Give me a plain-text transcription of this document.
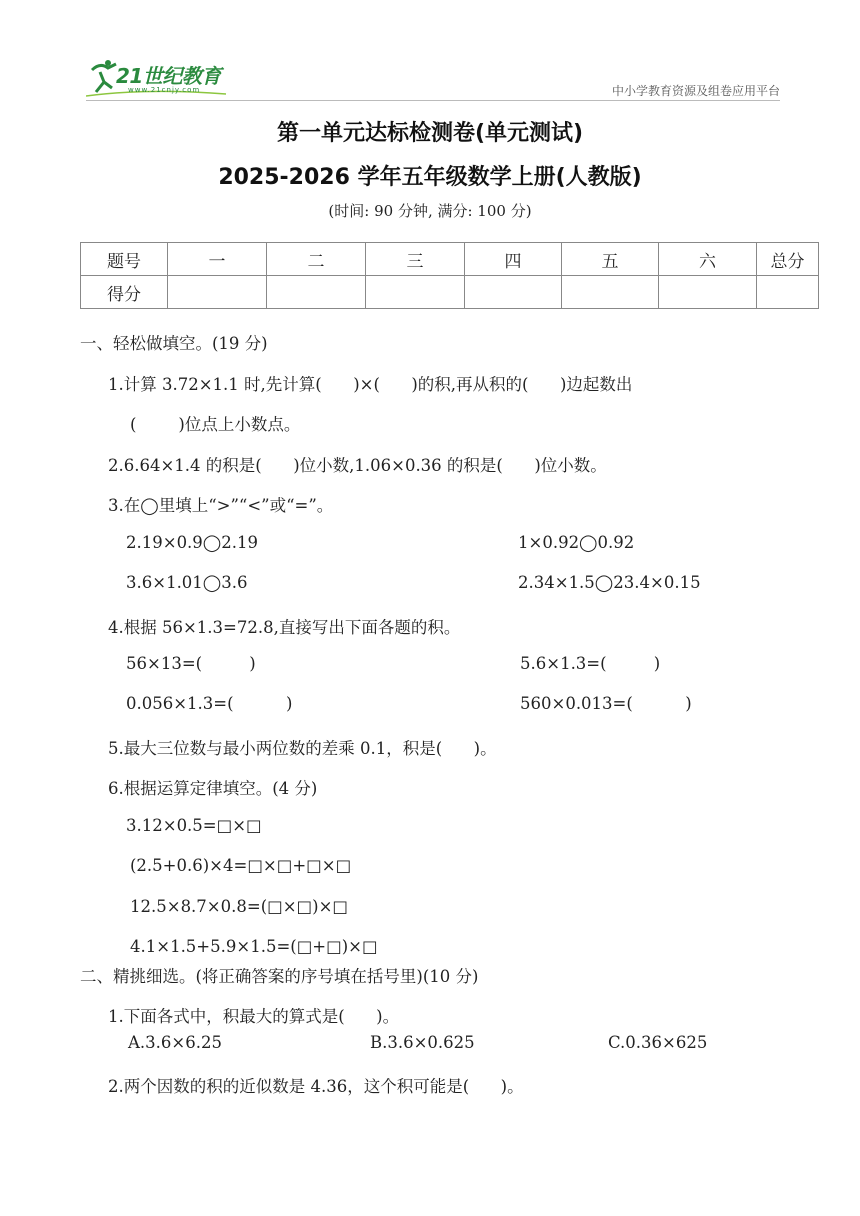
21世纪教育
www.21cnjy.com	中小学教育资源及组卷应用平台
第一单元达标检测卷(单元测试)
2025-2026 学年五年级数学上册(人教版)
(时间: 90 分钟, 满分: 100 分)
题号	一	二	三	四	五	六	总分
得分							
一、轻松做填空。(19 分)
1.计算 3.72×1.1 时,先计算(      )×(      )的积,再从积的(      )边起数出
(        )位点上小数点。
2.6.64×1.4 的积是(      )位小数,1.06×0.36 的积是(      )位小数。
3.在◯里填上“>”“<”或“=”。
2.19×0.9◯2.19	1×0.92◯0.92
3.6×1.01◯3.6	2.34×1.5◯23.4×0.15
4.根据 56×1.3=72.8,直接写出下面各题的积。
56×13=(         )	5.6×1.3=(         )
0.056×1.3=(          )	560×0.013=(          )
5.最大三位数与最小两位数的差乘 0.1，积是(      )。
6.根据运算定律填空。(4 分)
3.12×0.5=□×□
(2.5+0.6)×4=□×□+□×□
12.5×8.7×0.8=(□×□)×□
4.1×1.5+5.9×1.5=(□+□)×□
二、精挑细选。(将正确答案的序号填在括号里)(10 分)
1.下面各式中，积最大的算式是(      )。
A.3.6×6.25	B.3.6×0.625	C.0.36×625
2.两个因数的积的近似数是 4.36，这个积可能是(      )。
